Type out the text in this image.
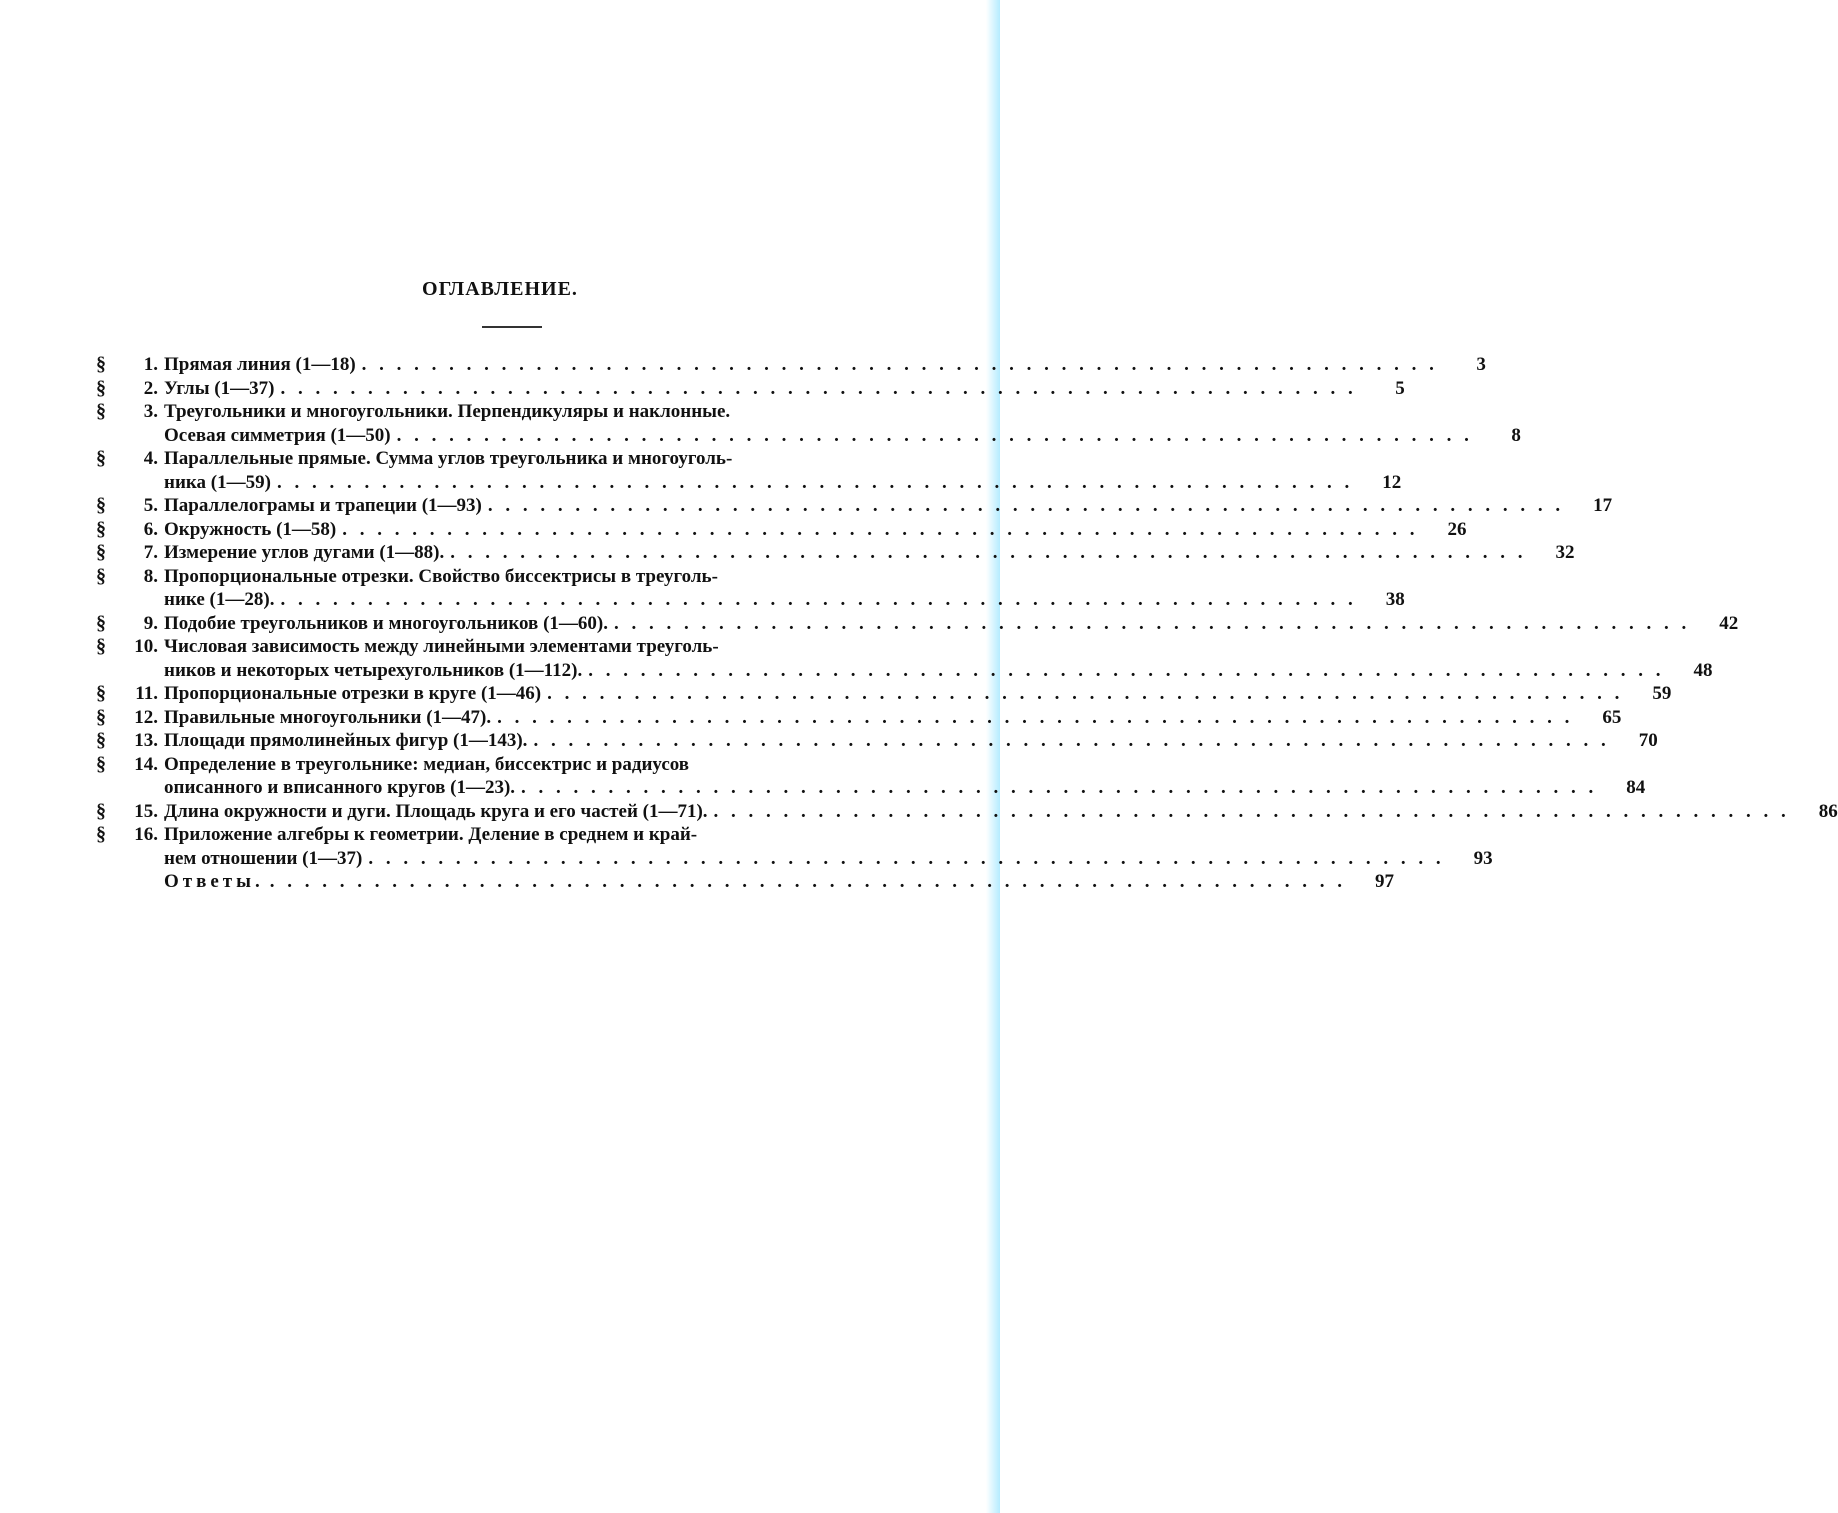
ОГЛАВЛЕНИЕ.
§	1. Прямая линия (1—18) . . .	3
§	2. Углы (1—37) . . .	5
§	3. Треугольники и многоугольники. Перпендикуляры и наклонные.
Осевая симметрия (1—50) . . .	8
§	4. Параллельные прямые. Сумма углов треугольника и многоуголь-
ника (1—59) . . .	12
§	5. Параллелограмы и трапеции (1—93) . . .	17
§	6. Окружность (1—58) . . .	26
§	7. Измерение углов дугами (1—88). . . .	32
§	8. Пропорциональные отрезки. Свойство биссектрисы в треуголь-
нике (1—28). . . .	38
§	9. Подобие треугольников и многоугольников (1—60). . . .	42
§	10. Числовая зависимость между линейными элементами треуголь-
ников и некоторых четырехугольников (1—112). . . .	48
§	11. Пропорциональные отрезки в круге (1—46) . . .	59
§	12. Правильные многоугольники (1—47). . . .	65
§	13. Площади прямолинейных фигур (1—143). . . .	70
§	14. Определение в треугольнике: медиан, биссектрис и радиусов
описанного и вписанного кругов (1—23). . . .	84
§	15. Длина окружности и дуги. Площадь круга и его частей (1—71). . . .	86
§	16. Приложение алгебры к геометрии. Деление в среднем и край-
нем отношении (1—37) . . .	93
Ответы. . . .	97
